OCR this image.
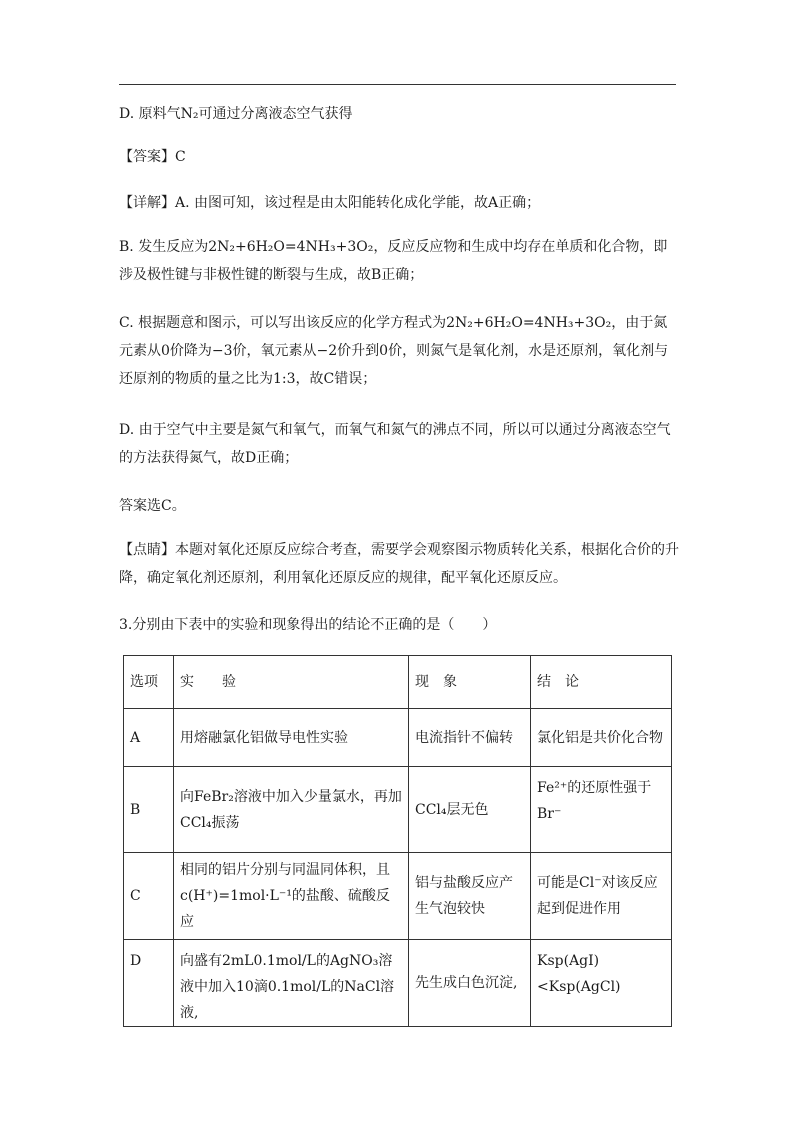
D. 原料气N₂可通过分离液态空气获得

【答案】C

【详解】A. 由图可知，该过程是由太阳能转化成化学能，故A正确；

B. 发生反应为2N₂+6H₂O=4NH₃+3O₂，反应反应物和生成中均存在单质和化合物，即涉及极性键与非极性键的断裂与生成，故B正确；

C. 根据题意和图示，可以写出该反应的化学方程式为2N₂+6H₂O=4NH₃+3O₂，由于氮元素从0价降为−3价，氧元素从−2价升到0价，则氮气是氧化剂，水是还原剂，氧化剂与还原剂的物质的量之比为1:3，故C错误；

D. 由于空气中主要是氮气和氧气，而氧气和氮气的沸点不同，所以可以通过分离液态空气的方法获得氮气，故D正确；

答案选C。

【点睛】本题对氧化还原反应综合考查，需要学会观察图示物质转化关系，根据化合价的升降，确定氧化剂还原剂，利用氧化还原反应的规律，配平氧化还原反应。

3.分别由下表中的实验和现象得出的结论不正确的是（　　）

选项	实　　验	现　象	结　论
A	用熔融氯化铝做导电性实验	电流指针不偏转	氯化铝是共价化合物
B	向FeBr₂溶液中加入少量氯水，再加CCl₄振荡	CCl₄层无色	Fe²⁺的还原性强于Br⁻
C	相同的铝片分别与同温同体积，且c(H⁺)=1mol·L⁻¹的盐酸、硫酸反应	铝与盐酸反应产生气泡较快	可能是Cl⁻对该反应起到促进作用
D	向盛有2mL0.1mol/L的AgNO₃溶液中加入10滴0.1mol/L的NaCl溶液,	先生成白色沉淀,	Ksp(AgI)<Ksp(AgCl)
